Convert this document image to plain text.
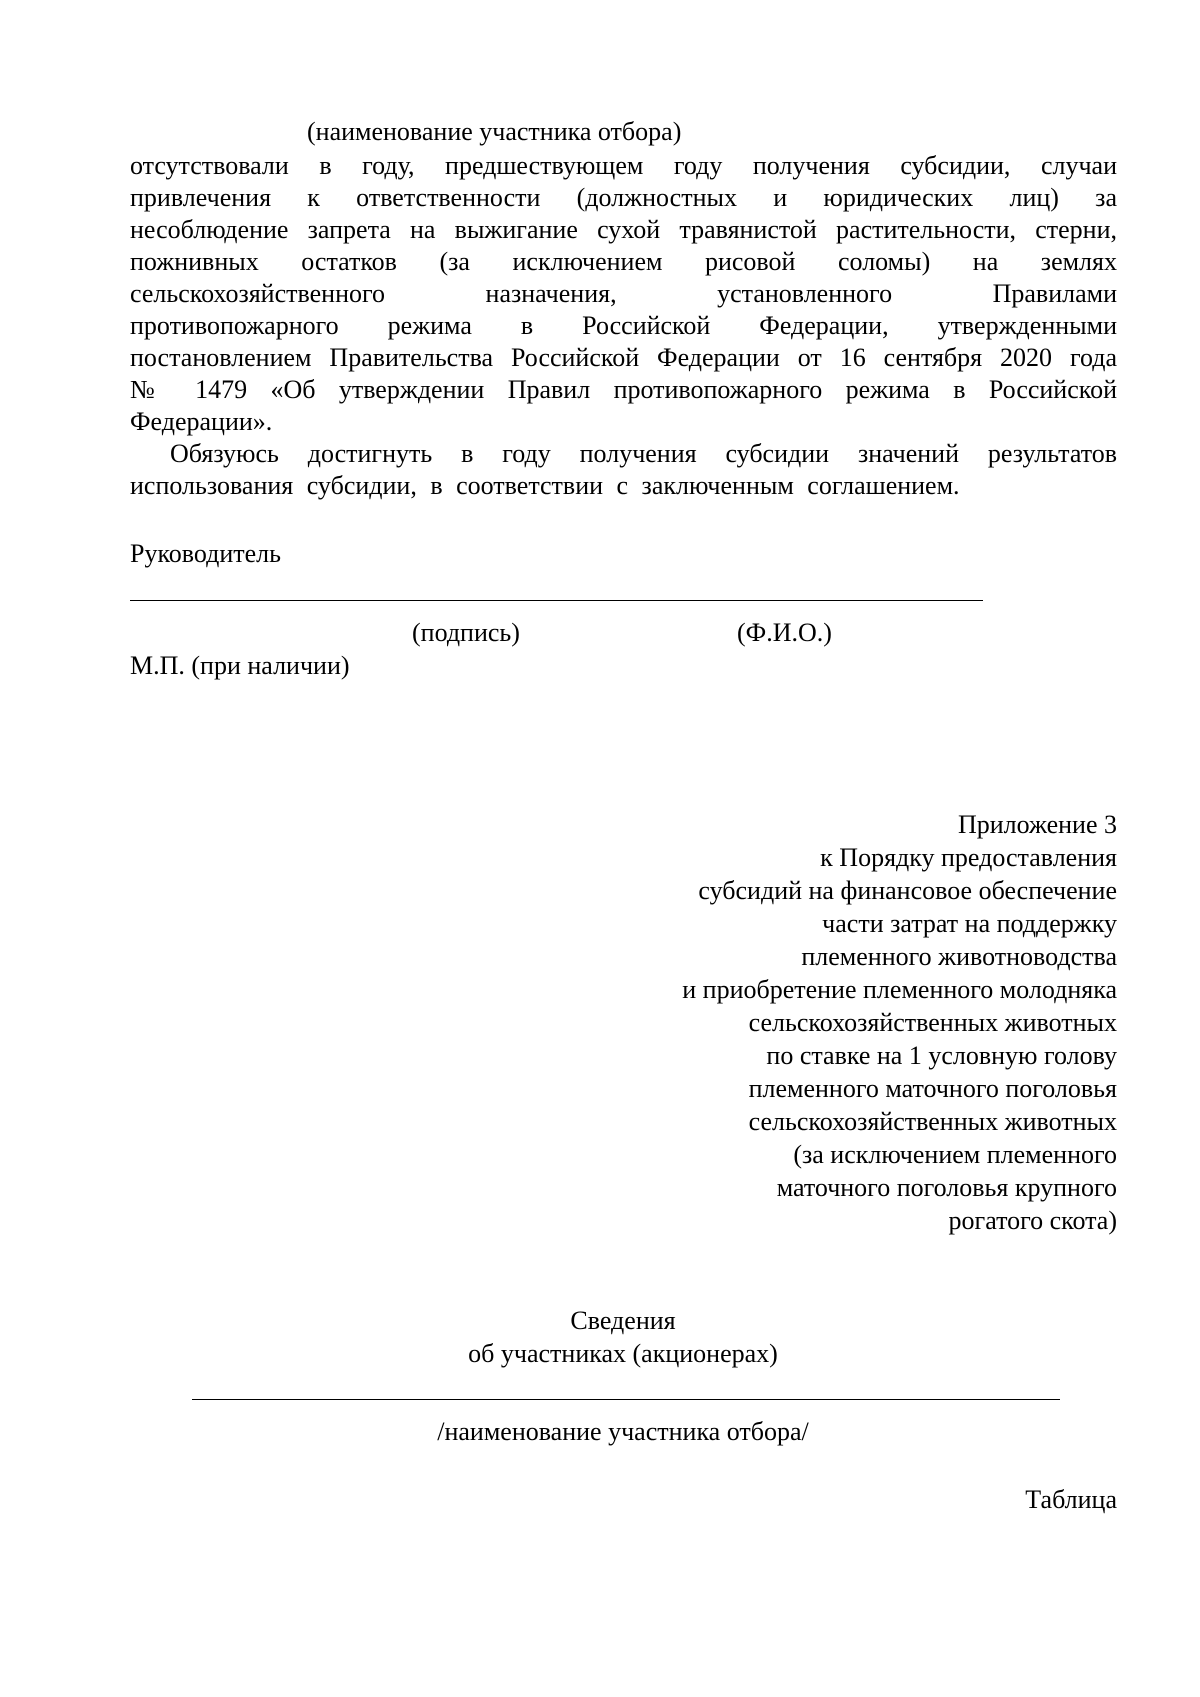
(наименование участника отбора)
отсутствовали в году, предшествующем году получения субсидии, случаи
привлечения к ответственности (должностных и юридических лиц) за
несоблюдение запрета на выжигание сухой травянистой растительности, стерни,
пожнивных остатков (за исключением рисовой соломы) на землях
сельскохозяйственного назначения, установленного Правилами
противопожарного режима в Российской Федерации, утвержденными
постановлением Правительства Российской Федерации от 16 сентября 2020 года
№ 1479 «Об утверждении Правил противопожарного режима в Российской
Федерации».
Обязуюсь достигнуть в году получения субсидии значений результатов
использования субсидии, в соответствии с заключенным соглашением.
Руководитель
(подпись)	(Ф.И.О.)
М.П. (при наличии)
Приложение 3
к Порядку предоставления
субсидий на финансовое обеспечение
части затрат на поддержку
племенного животноводства
и приобретение племенного молодняка
сельскохозяйственных животных
по ставке на 1 условную голову
племенного маточного поголовья
сельскохозяйственных животных
(за исключением племенного
маточного поголовья крупного
рогатого скота)
Сведения
об участниках (акционерах)
/наименование участника отбора/
Таблица
